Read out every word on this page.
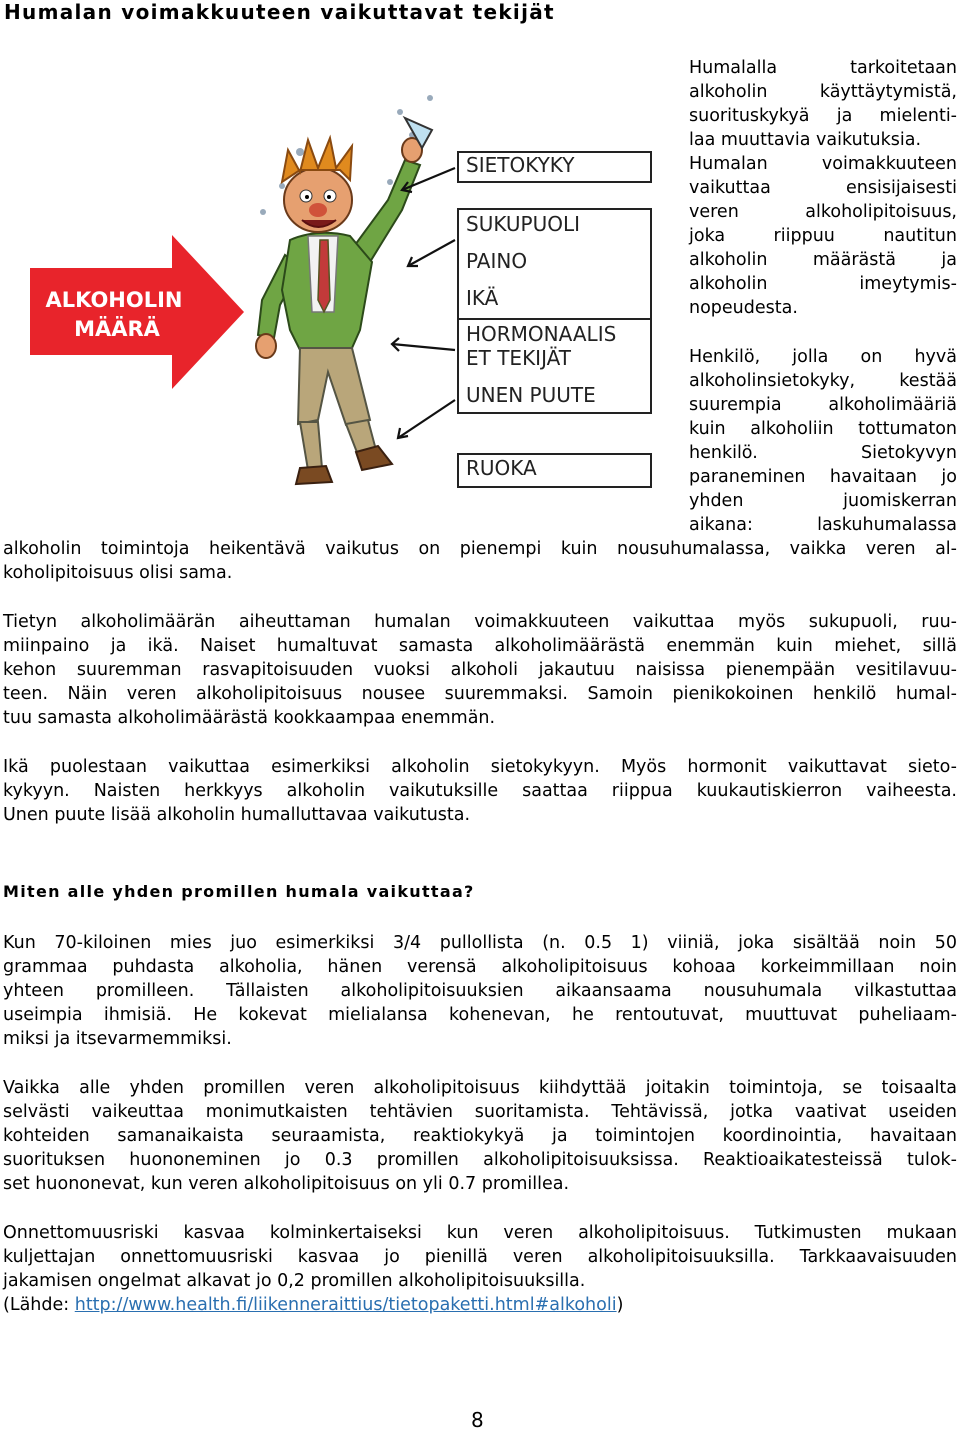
Humalan voimakkuuteen vaikuttavat tekijät
ALKOHOLIN
MÄÄRÄ
SIETOKYKY
SUKUPUOLI
PAINO
IKÄ
HORMONAALIS
ET TEKIJÄT
UNEN PUUTE
RUOKA
Humalalla tarkoitetaan
alkoholin käyttäytymistä,
suorituskykyä ja mielenti-
laa muuttavia vaikutuksia.
Humalan voimakkuuteen
vaikuttaa ensisijaisesti
veren alkoholipitoisuus,
joka riippuu nautitun
alkoholin määrästä ja
alkoholin imeytymis-
nopeudesta.
Henkilö, jolla on hyvä
alkoholinsietokyky, kestää
suurempia alkoholimääriä
kuin alkoholiin tottumaton
henkilö. Sietokyvyn
paraneminen havaitaan jo
yhden juomiskerran
aikana: laskuhumalassa
alkoholin toimintoja heikentävä vaikutus on pienempi kuin nousuhumalassa, vaikka veren al-
koholipitoisuus olisi sama.
Tietyn alkoholimäärän aiheuttaman humalan voimakkuuteen vaikuttaa myös sukupuoli, ruu-
miinpaino ja ikä. Naiset humaltuvat samasta alkoholimäärästä enemmän kuin miehet, sillä
kehon suuremman rasvapitoisuuden vuoksi alkoholi jakautuu naisissa pienempään vesitilavuu-
teen. Näin veren alkoholipitoisuus nousee suuremmaksi. Samoin pienikokoinen henkilö humal-
tuu samasta alkoholimäärästä kookkaampaa enemmän.
Ikä puolestaan vaikuttaa esimerkiksi alkoholin sietokykyyn. Myös hormonit vaikuttavat sieto-
kykyyn. Naisten herkkyys alkoholin vaikutuksille saattaa riippua kuukautiskierron vaiheesta.
Unen puute lisää alkoholin humalluttavaa vaikutusta.
Miten alle yhden promillen humala vaikuttaa?
Kun 70-kiloinen mies juo esimerkiksi 3/4 pullollista (n. 0.5 1) viiniä, joka sisältää noin 50
grammaa puhdasta alkoholia, hänen verensä alkoholipitoisuus kohoaa korkeimmillaan noin
yhteen promilleen. Tällaisten alkoholipitoisuuksien aikaansaama nousuhumala vilkastuttaa
useimpia ihmisiä. He kokevat mielialansa kohenevan, he rentoutuvat, muuttuvat puheliaam-
miksi ja itsevarmemmiksi.
Vaikka alle yhden promillen veren alkoholipitoisuus kiihdyttää joitakin toimintoja, se toisaalta
selvästi vaikeuttaa monimutkaisten tehtävien suoritamista. Tehtävissä, jotka vaativat useiden
kohteiden samanaikaista seuraamista, reaktiokykyä ja toimintojen koordinointia, havaitaan
suorituksen huononeminen jo 0.3 promillen alkoholipitoisuuksissa. Reaktioaikatesteissä tulok-
set huononevat, kun veren alkoholipitoisuus on yli 0.7 promillea.
Onnettomuusriski kasvaa kolminkertaiseksi kun veren alkoholipitoisuus. Tutkimusten mukaan
kuljettajan onnettomuusriski kasvaa jo pienillä veren alkoholipitoisuuksilla. Tarkkaavaisuuden
jakamisen ongelmat alkavat jo 0,2 promillen alkoholipitoisuuksilla.
(Lähde: http://www.health.fi/liikenneraittius/tietopaketti.html#alkoholi)
8
